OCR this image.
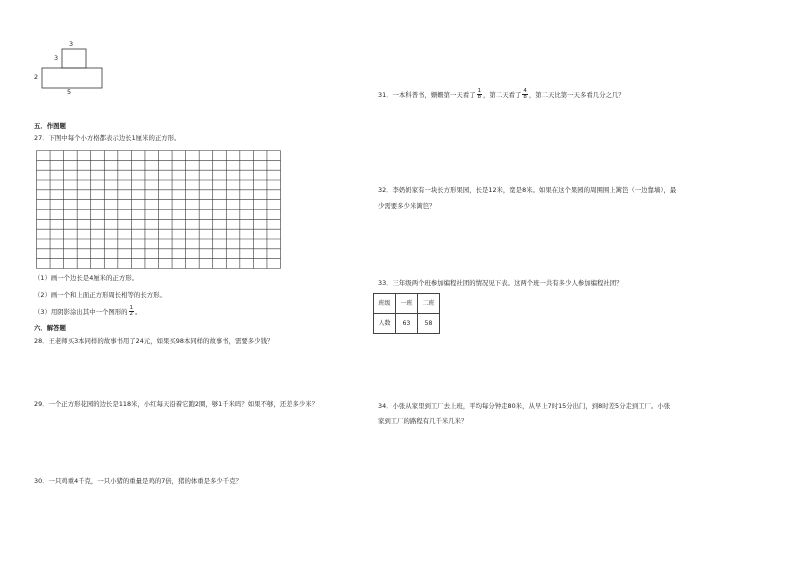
3
3
2
5
五．作图题
27．下图中每个小方格都表示边长1厘米的正方形。
（1）画一个边长是4厘米的正方形。
（2）画一个和上面正方形周长相等的长方形。
（3）用阴影涂出其中一个图形的 $\frac{1}{2}$ 。
六．解答题
28．王老师买3本同样的故事书用了24元，如果买98本同样的故事书，需要多少钱？
29．一个正方形花园的边长是118米，小红每天沿着它跑2圈，够1千米吗？如果不够，还差多少米？
30．一只鸡重4千克，一只小猪的重量是鸡的7倍，猪的体重是多少千克？
31．一本科普书，姗姗第一天看了 $\frac{1}{8}$ ，第二天看了 $\frac{4}{8}$ ，第二天比第一天多看几分之几？
32．李奶奶家有一块长方形果园，长是12米，宽是8米。如果在这个果园的周围围上篱笆（一边靠墙），最
少需要多少米篱笆？
33．三年级两个班参加编程社团的情况见下表。这两个班一共有多少人参加编程社团？
班级	一班	二班
人数	63	58
34．小张从家里到工厂去上班，平均每分钟走80米，从早上7时15分出门，到8时差5分走到工厂。小张
家到工厂的路程有几千米几米？
